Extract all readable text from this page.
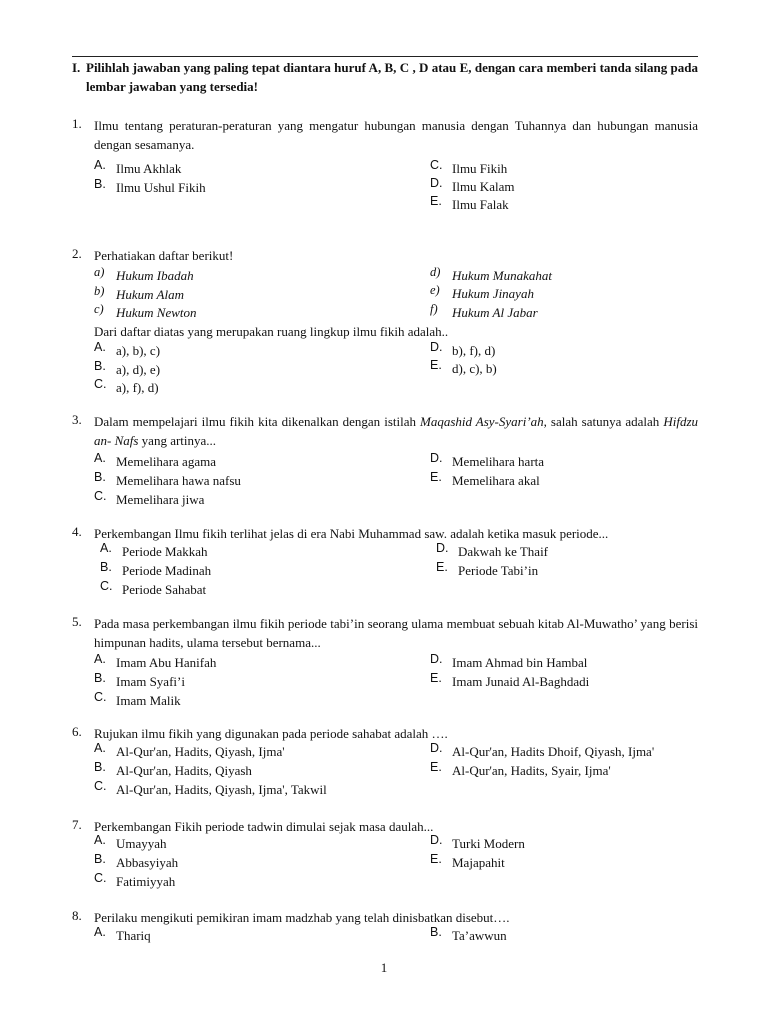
I. Pilihlah jawaban yang paling tepat diantara huruf A, B, C , D atau E, dengan cara memberi tanda silang pada lembar jawaban yang tersedia!
1. Ilmu tentang peraturan-peraturan yang mengatur hubungan manusia dengan Tuhannya dan hubungan manusia dengan sesamanya.
A. Ilmu Akhlak
B. Ilmu Ushul Fikih
C. Ilmu Fikih
D. Ilmu Kalam
E. Ilmu Falak
2. Perhatiakan daftar berikut!
a) Hukum Ibadah
b) Hukum Alam
c) Hukum Newton
d) Hukum Munakahat
e) Hukum Jinayah
f) Hukum Al Jabar
Dari daftar diatas yang merupakan ruang lingkup ilmu fikih adalah..
A. a), b), c)
B. a), d), e)
C. a), f), d)
D. b), f), d)
E. d), c), b)
3. Dalam mempelajari ilmu fikih kita dikenalkan dengan istilah Maqashid Asy-Syari’ah, salah satunya adalah Hifdzu an- Nafs yang artinya...
A. Memelihara agama
B. Memelihara hawa nafsu
C. Memelihara jiwa
D. Memelihara harta
E. Memelihara akal
4. Perkembangan Ilmu fikih terlihat jelas di era Nabi Muhammad saw. adalah ketika masuk periode...
A. Periode Makkah
B. Periode Madinah
C. Periode Sahabat
D. Dakwah ke Thaif
E. Periode Tabi’in
5. Pada masa perkembangan ilmu fikih periode tabi’in seorang ulama membuat sebuah kitab Al-Muwatho’ yang berisi himpunan hadits, ulama tersebut bernama...
A. Imam Abu Hanifah
B. Imam Syafi’i
C. Imam Malik
D. Imam Ahmad bin Hambal
E. Imam Junaid Al-Baghdadi
6. Rujukan ilmu fikih yang digunakan pada periode sahabat adalah ….
A. Al-Qur'an, Hadits, Qiyash, Ijma'
B. Al-Qur'an, Hadits, Qiyash
C. Al-Qur'an, Hadits, Qiyash, Ijma', Takwil
D. Al-Qur'an, Hadits Dhoif, Qiyash, Ijma'
E. Al-Qur'an, Hadits, Syair, Ijma'
7. Perkembangan Fikih periode tadwin dimulai sejak masa daulah...
A. Umayyah
B. Abbasyiyah
C. Fatimiyyah
D. Turki Modern
E. Majapahit
8. Perilaku mengikuti pemikiran imam madzhab yang telah dinisbatkan disebut….
A. Thariq	B. Ta’awwun
1
